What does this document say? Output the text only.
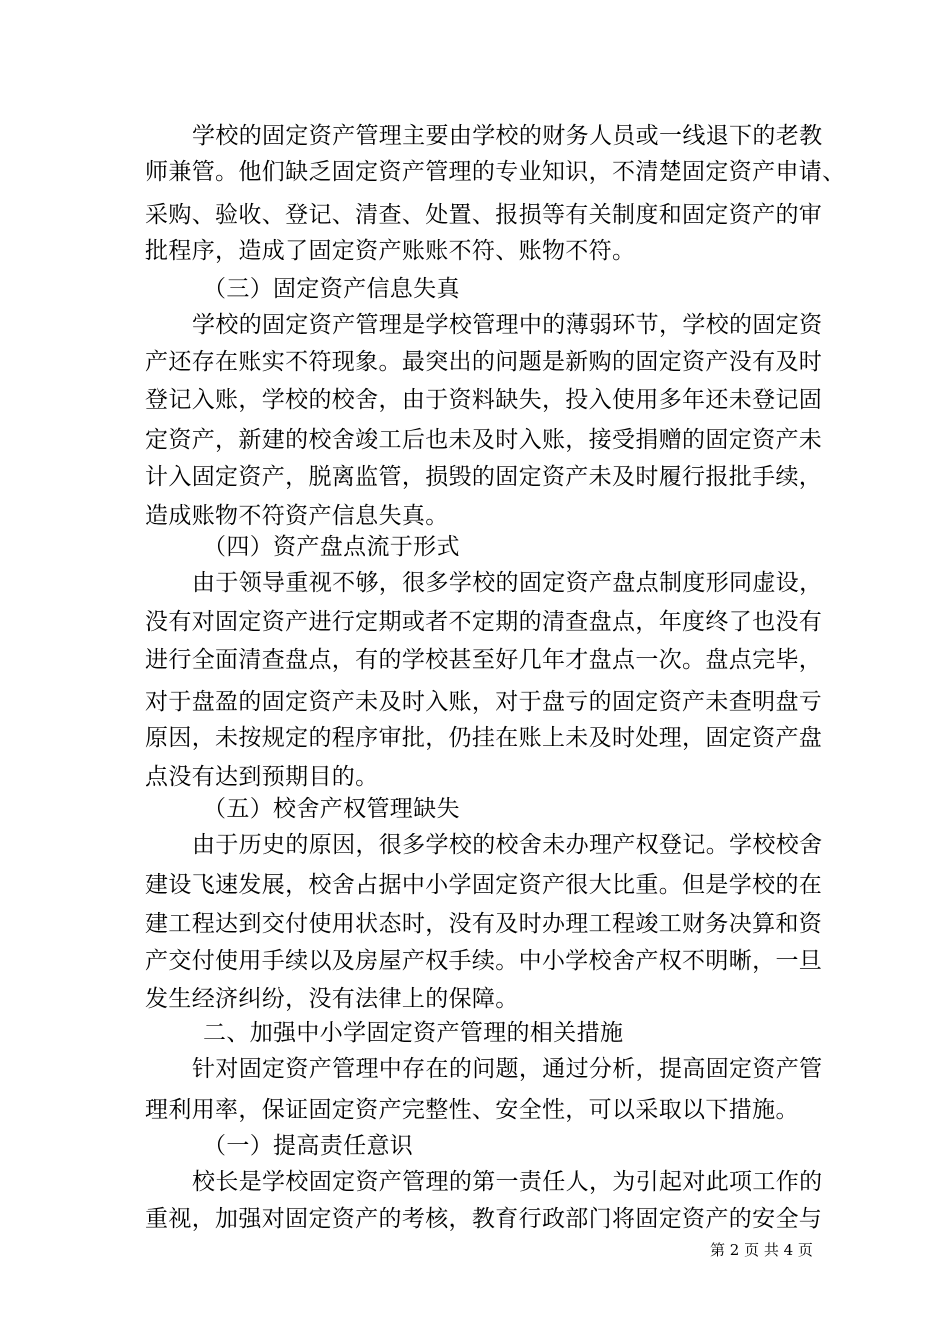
学校的固定资产管理主要由学校的财务人员或一线退下的老教
师兼管。他们缺乏固定资产管理的专业知识，不清楚固定资产申请、
采购、验收、登记、清查、处置、报损等有关制度和固定资产的审
批程序，造成了固定资产账账不符、账物不符。
（三）固定资产信息失真
学校的固定资产管理是学校管理中的薄弱环节，学校的固定资
产还存在账实不符现象。最突出的问题是新购的固定资产没有及时
登记入账，学校的校舍，由于资料缺失，投入使用多年还未登记固
定资产，新建的校舍竣工后也未及时入账，接受捐赠的固定资产未
计入固定资产，脱离监管，损毁的固定资产未及时履行报批手续，
造成账物不符资产信息失真。
（四）资产盘点流于形式
由于领导重视不够，很多学校的固定资产盘点制度形同虚设，
没有对固定资产进行定期或者不定期的清查盘点，年度终了也没有
进行全面清查盘点，有的学校甚至好几年才盘点一次。盘点完毕，
对于盘盈的固定资产未及时入账，对于盘亏的固定资产未查明盘亏
原因，未按规定的程序审批，仍挂在账上未及时处理，固定资产盘
点没有达到预期目的。
（五）校舍产权管理缺失
由于历史的原因，很多学校的校舍未办理产权登记。学校校舍
建设飞速发展，校舍占据中小学固定资产很大比重。但是学校的在
建工程达到交付使用状态时，没有及时办理工程竣工财务决算和资
产交付使用手续以及房屋产权手续。中小学校舍产权不明晰，一旦
发生经济纠纷，没有法律上的保障。
二、加强中小学固定资产管理的相关措施
针对固定资产管理中存在的问题，通过分析，提高固定资产管
理利用率，保证固定资产完整性、安全性，可以采取以下措施。
（一）提高责任意识
校长是学校固定资产管理的第一责任人，为引起对此项工作的
重视，加强对固定资产的考核，教育行政部门将固定资产的安全与
第 2 页 共 4 页
